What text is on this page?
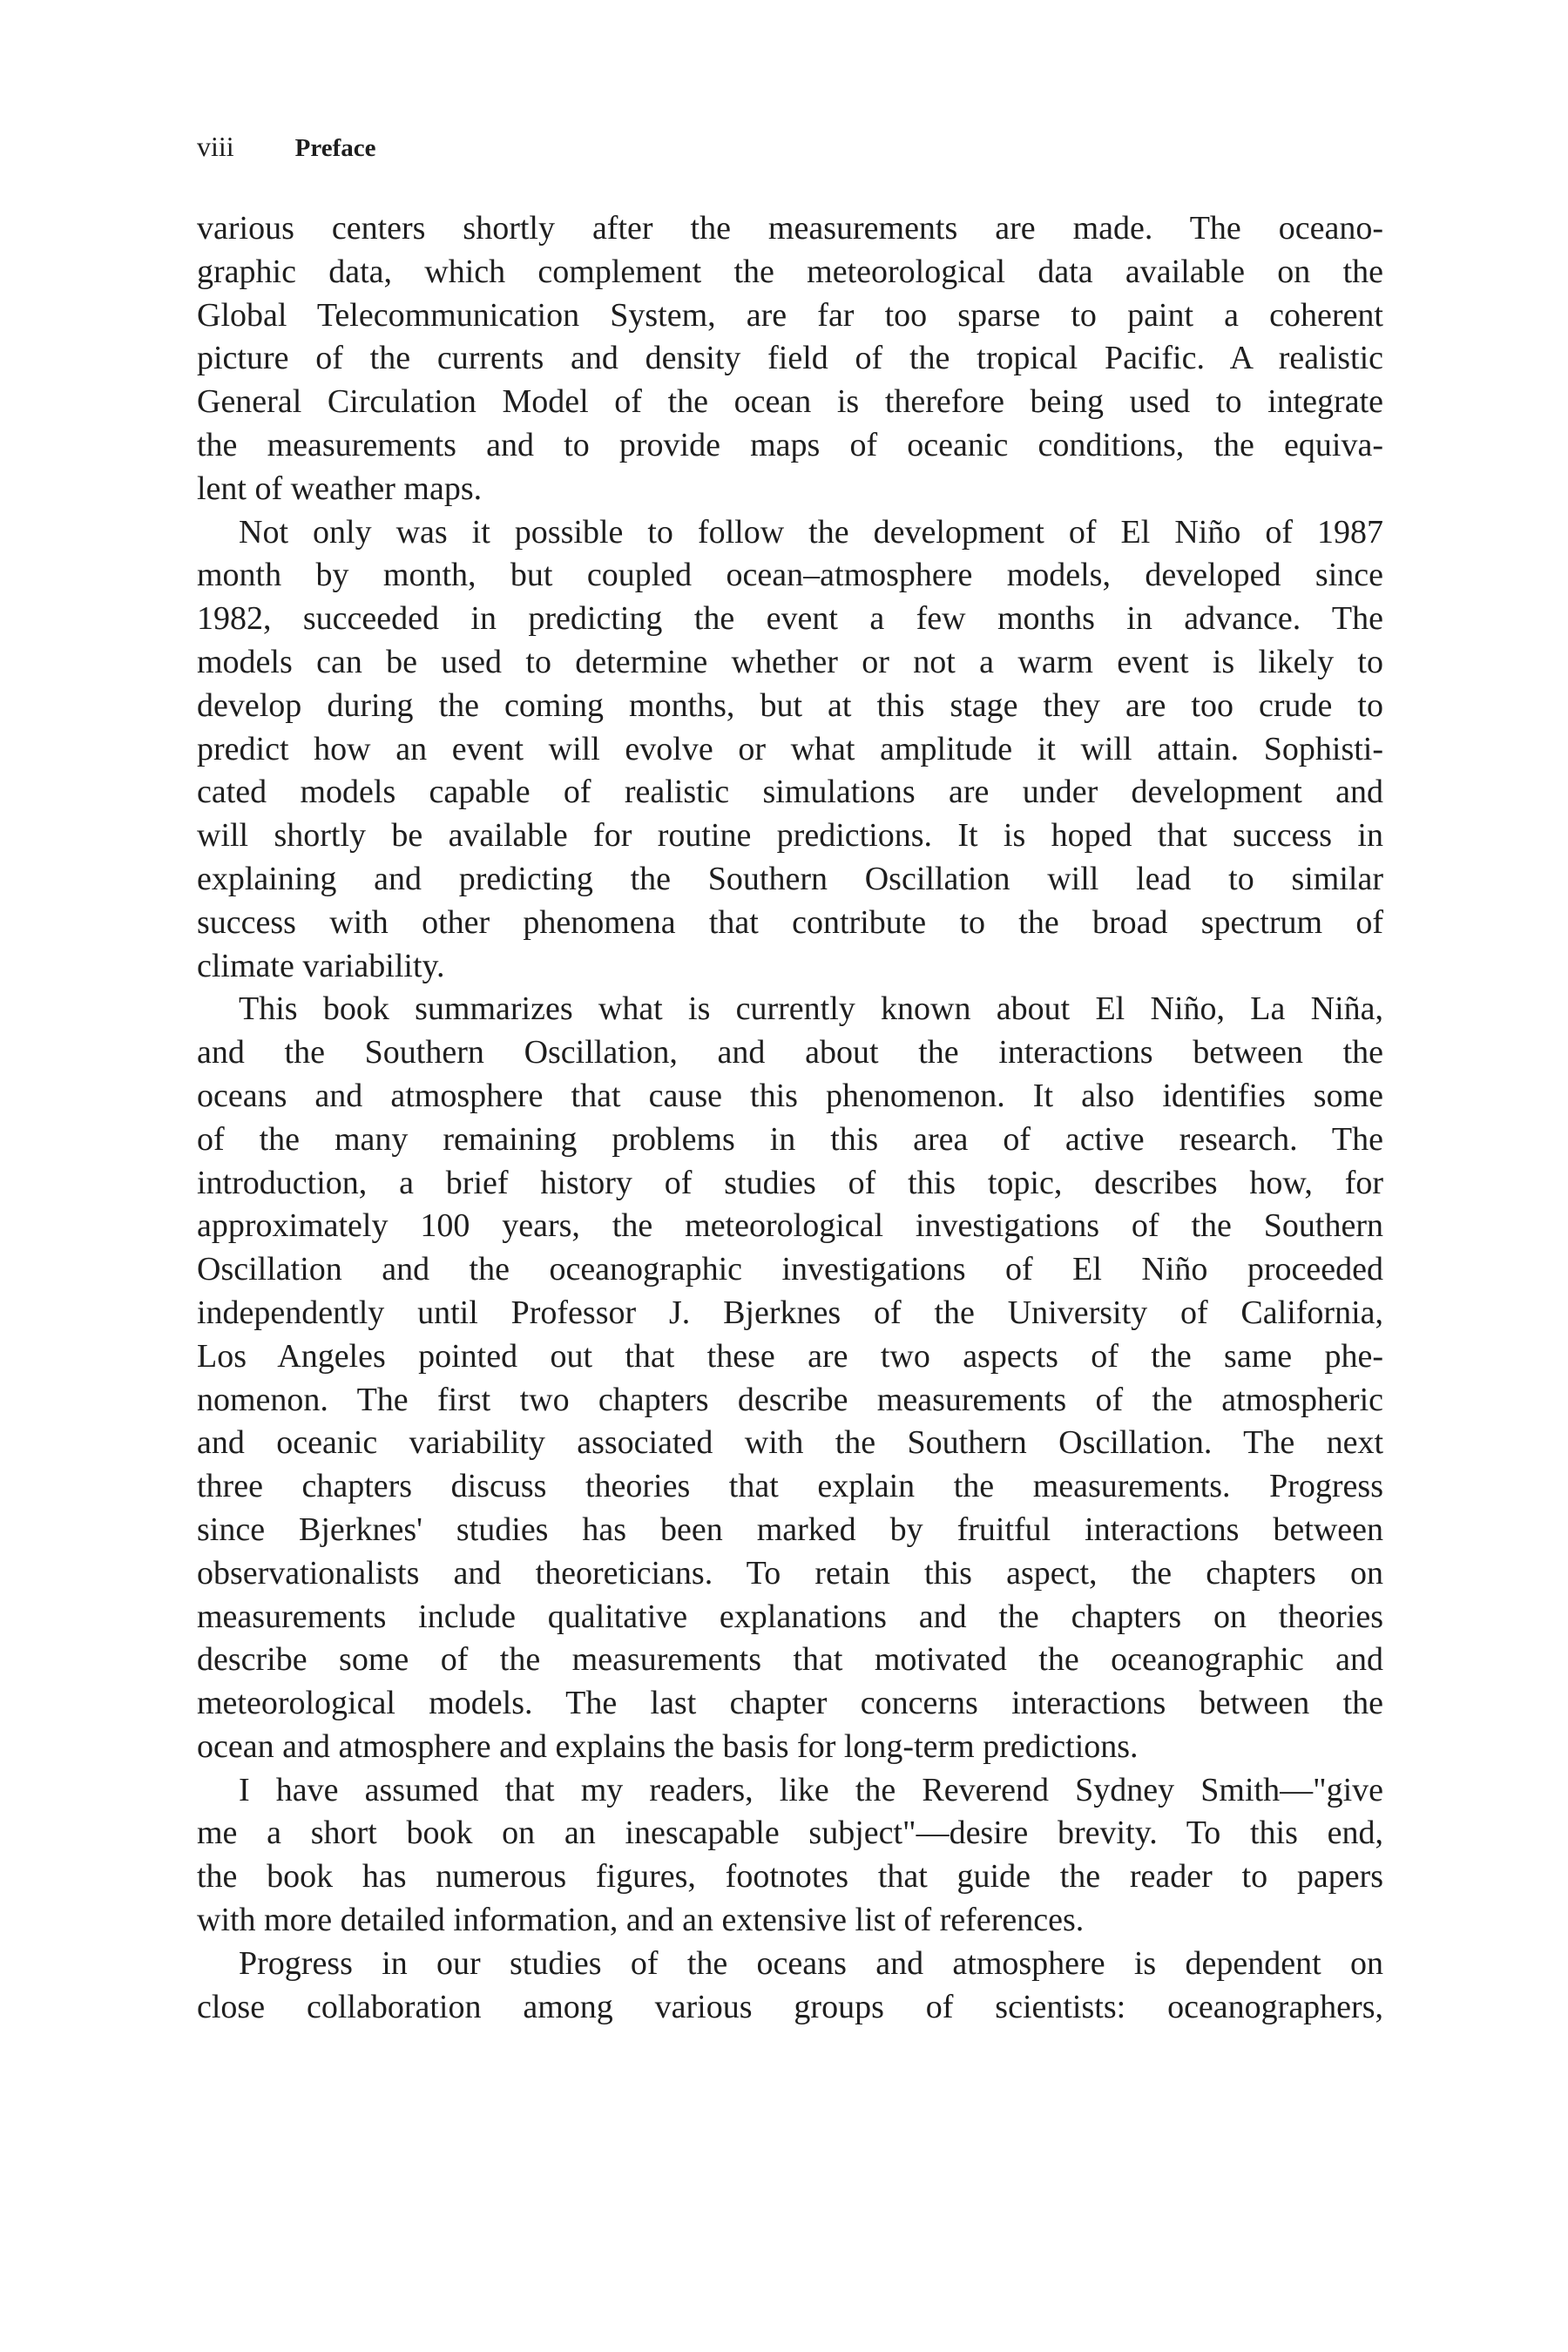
viii Preface
various centers shortly after the measurements are made. The oceano-
graphic data, which complement the meteorological data available on the
Global Telecommunication System, are far too sparse to paint a coherent
picture of the currents and density field of the tropical Pacific. A realistic
General Circulation Model of the ocean is therefore being used to integrate
the measurements and to provide maps of oceanic conditions, the equiva-
lent of weather maps.
Not only was it possible to follow the development of El Niño of 1987
month by month, but coupled ocean–atmosphere models, developed since
1982, succeeded in predicting the event a few months in advance. The
models can be used to determine whether or not a warm event is likely to
develop during the coming months, but at this stage they are too crude to
predict how an event will evolve or what amplitude it will attain. Sophisti-
cated models capable of realistic simulations are under development and
will shortly be available for routine predictions. It is hoped that success in
explaining and predicting the Southern Oscillation will lead to similar
success with other phenomena that contribute to the broad spectrum of
climate variability.
This book summarizes what is currently known about El Niño, La Niña,
and the Southern Oscillation, and about the interactions between the
oceans and atmosphere that cause this phenomenon. It also identifies some
of the many remaining problems in this area of active research. The
introduction, a brief history of studies of this topic, describes how, for
approximately 100 years, the meteorological investigations of the Southern
Oscillation and the oceanographic investigations of El Niño proceeded
independently until Professor J. Bjerknes of the University of California,
Los Angeles pointed out that these are two aspects of the same phe-
nomenon. The first two chapters describe measurements of the atmospheric
and oceanic variability associated with the Southern Oscillation. The next
three chapters discuss theories that explain the measurements. Progress
since Bjerknes' studies has been marked by fruitful interactions between
observationalists and theoreticians. To retain this aspect, the chapters on
measurements include qualitative explanations and the chapters on theories
describe some of the measurements that motivated the oceanographic and
meteorological models. The last chapter concerns interactions between the
ocean and atmosphere and explains the basis for long-term predictions.
I have assumed that my readers, like the Reverend Sydney Smith—"give
me a short book on an inescapable subject"—desire brevity. To this end,
the book has numerous figures, footnotes that guide the reader to papers
with more detailed information, and an extensive list of references.
Progress in our studies of the oceans and atmosphere is dependent on
close collaboration among various groups of scientists: oceanographers,
